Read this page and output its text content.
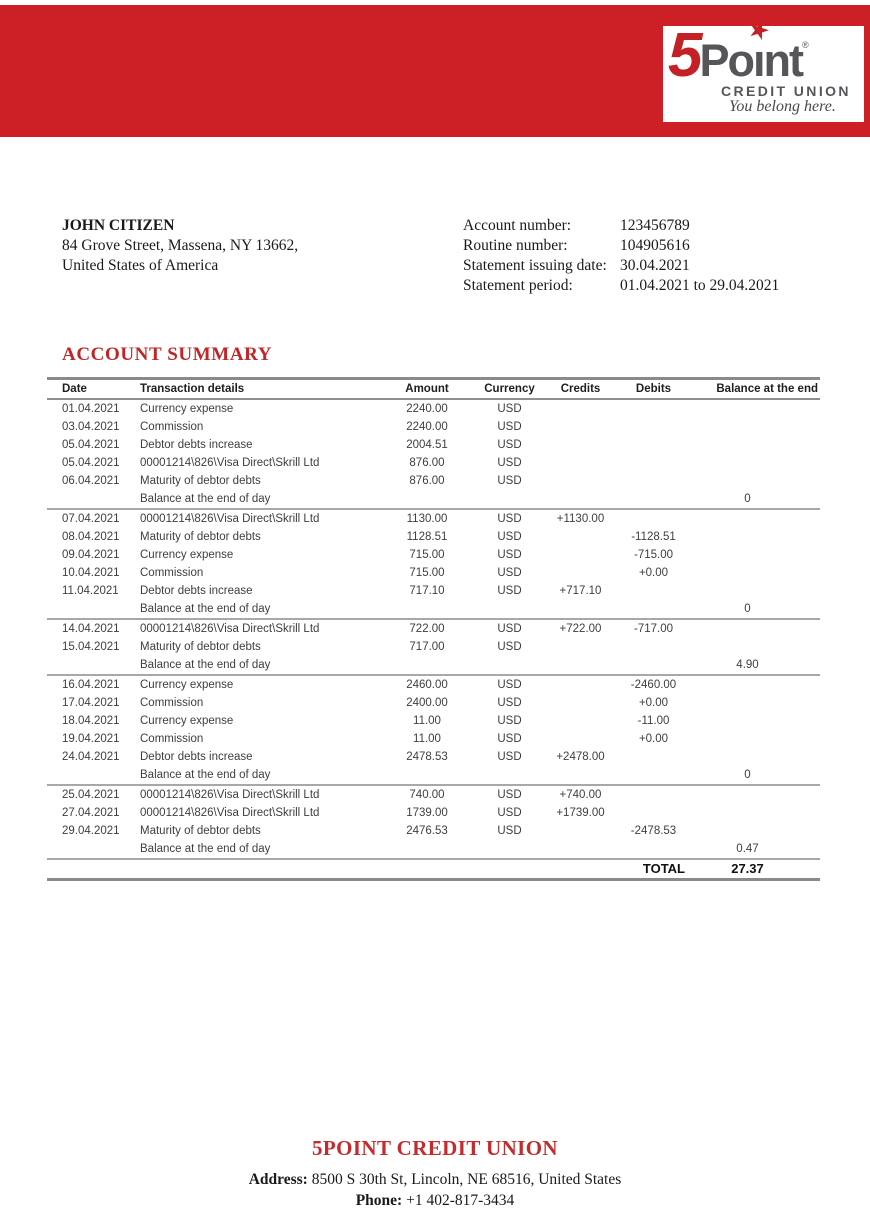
5Po
★
ınt®
CREDIT UNION
You belong here.
JOHN CITIZEN
84 Grove Street, Massena, NY 13662,
United States of America
Account number:	123456789
Routine number:	104905616
Statement issuing date: 30.04.2021
Statement period:	01.04.2021 to 29.04.2021
ACCOUNT SUMMARY
Date	Transaction details	Amount	Currency	Credits	Debits	Balance at the end
01.04.2021	Currency expense	2240.00	USD			
03.04.2021	Commission	2240.00	USD			
05.04.2021	Debtor debts increase	2004.51	USD			
05.04.2021	00001214\826\Visa Direct\Skrill Ltd	876.00	USD			
06.04.2021	Maturity of debtor debts	876.00	USD			
	Balance at the end of day					0
07.04.2021	00001214\826\Visa Direct\Skrill Ltd	1130.00	USD	+1130.00		
08.04.2021	Maturity of debtor debts	1128.51	USD		-1128.51	
09.04.2021	Currency expense	715.00	USD		-715.00	
10.04.2021	Commission	715.00	USD		+0.00	
11.04.2021	Debtor debts increase	717.10	USD	+717.10		
	Balance at the end of day					0
14.04.2021	00001214\826\Visa Direct\Skrill Ltd	722.00	USD	+722.00	-717.00	
15.04.2021	Maturity of debtor debts	717.00	USD			
	Balance at the end of day					4.90
16.04.2021	Currency expense	2460.00	USD		-2460.00	
17.04.2021	Commission	2400.00	USD		+0.00	
18.04.2021	Currency expense	11.00	USD		-11.00	
19.04.2021	Commission	11.00	USD		+0.00	
24.04.2021	Debtor debts increase	2478.53	USD	+2478.00		
	Balance at the end of day					0
25.04.2021	00001214\826\Visa Direct\Skrill Ltd	740.00	USD	+740.00		
27.04.2021	00001214\826\Visa Direct\Skrill Ltd	1739.00	USD	+1739.00		
29.04.2021	Maturity of debtor debts	2476.53	USD		-2478.53	
	Balance at the end of day					0.47
				TOTAL		27.37
5POINT CREDIT UNION
Address: 8500 S 30th St, Lincoln, NE 68516, United States
Phone: +1 402-817-3434
